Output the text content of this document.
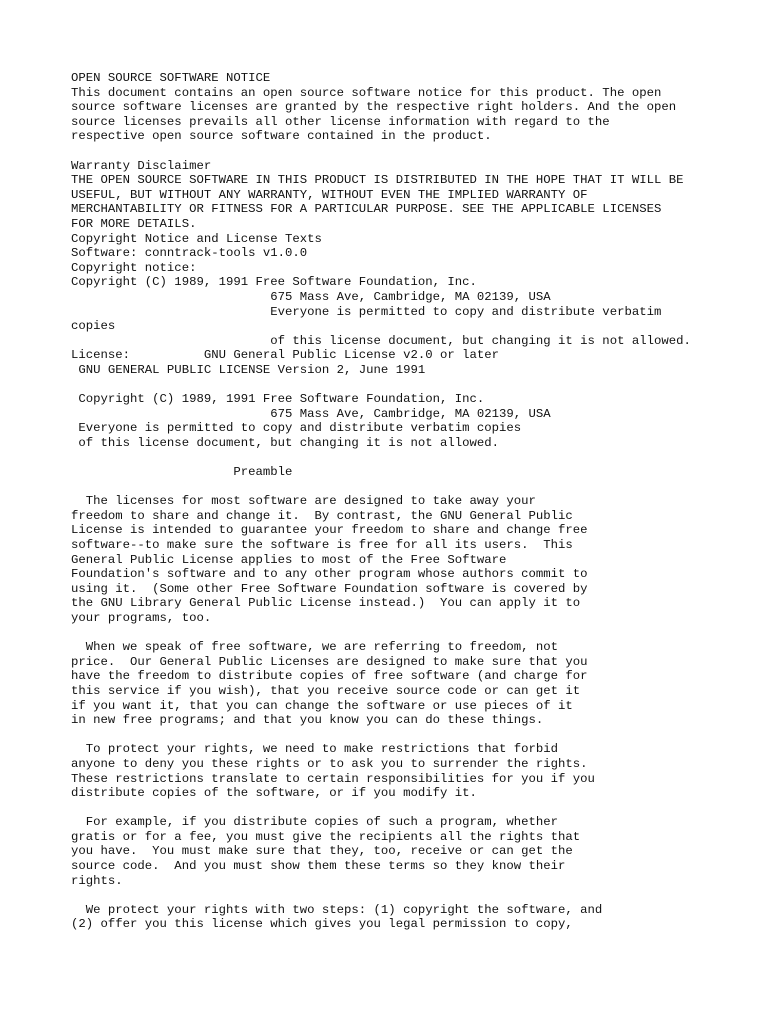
OPEN SOURCE SOFTWARE NOTICE
This document contains an open source software notice for this product. The open
source software licenses are granted by the respective right holders. And the open
source licenses prevails all other license information with regard to the
respective open source software contained in the product.

Warranty Disclaimer
THE OPEN SOURCE SOFTWARE IN THIS PRODUCT IS DISTRIBUTED IN THE HOPE THAT IT WILL BE
USEFUL, BUT WITHOUT ANY WARRANTY, WITHOUT EVEN THE IMPLIED WARRANTY OF
MERCHANTABILITY OR FITNESS FOR A PARTICULAR PURPOSE. SEE THE APPLICABLE LICENSES
FOR MORE DETAILS.
Copyright Notice and License Texts
Software: conntrack-tools v1.0.0
Copyright notice:
Copyright (C) 1989, 1991 Free Software Foundation, Inc.
675 Mass Ave, Cambridge, MA 02139, USA
Everyone is permitted to copy and distribute verbatim
copies
of this license document, but changing it is not allowed.
License:          GNU General Public License v2.0 or later
GNU GENERAL PUBLIC LICENSE Version 2, June 1991

Copyright (C) 1989, 1991 Free Software Foundation, Inc.
675 Mass Ave, Cambridge, MA 02139, USA
Everyone is permitted to copy and distribute verbatim copies
of this license document, but changing it is not allowed.

Preamble

The licenses for most software are designed to take away your
freedom to share and change it.  By contrast, the GNU General Public
License is intended to guarantee your freedom to share and change free
software--to make sure the software is free for all its users.  This
General Public License applies to most of the Free Software
Foundation's software and to any other program whose authors commit to
using it.  (Some other Free Software Foundation software is covered by
the GNU Library General Public License instead.)  You can apply it to
your programs, too.

When we speak of free software, we are referring to freedom, not
price.  Our General Public Licenses are designed to make sure that you
have the freedom to distribute copies of free software (and charge for
this service if you wish), that you receive source code or can get it
if you want it, that you can change the software or use pieces of it
in new free programs; and that you know you can do these things.

To protect your rights, we need to make restrictions that forbid
anyone to deny you these rights or to ask you to surrender the rights.
These restrictions translate to certain responsibilities for you if you
distribute copies of the software, or if you modify it.

For example, if you distribute copies of such a program, whether
gratis or for a fee, you must give the recipients all the rights that
you have.  You must make sure that they, too, receive or can get the
source code.  And you must show them these terms so they know their
rights.

We protect your rights with two steps: (1) copyright the software, and
(2) offer you this license which gives you legal permission to copy,
